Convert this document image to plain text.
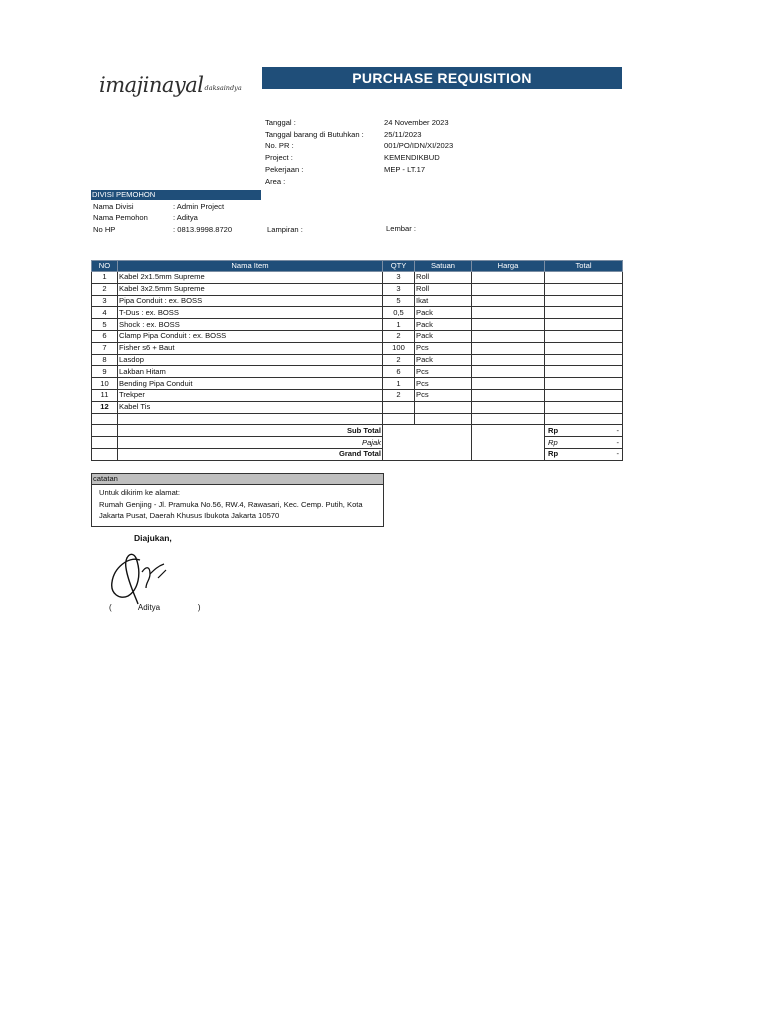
imajinayal daksaindya
PURCHASE REQUISITION
Tanggal :	24 November 2023
Tanggal barang di Butuhkan :	25/11/2023
No. PR :	001/PO/IDN/XI/2023
Project :	KEMENDIKBUD
Pekerjaan :	MEP - LT.17
Area :
DIVISI PEMOHON
Nama Divisi	: Admin Project
Nama Pemohon	: Aditya
No HP	: 0813.9998.8720	Lampiran :	Lembar :
NO	Nama Item	QTY	Satuan	Harga	Total
1	Kabel 2x1.5mm Supreme	3	Roll		
2	Kabel 3x2.5mm Supreme	3	Roll		
3	Pipa Conduit : ex. BOSS	5	Ikat		
4	T-Dus : ex. BOSS	0,5	Pack		
5	Shock : ex. BOSS	1	Pack		
6	Clamp Pipa Conduit : ex. BOSS	2	Pack		
7	Fisher s6 + Baut	100	Pcs		
8	Lasdop	2	Pack		
9	Lakban Hitam	6	Pcs		
10	Bending Pipa Conduit	1	Pcs		
11	Trekper	2	Pcs		
12	Kabel Tis				

	Sub Total				Rp -

	Pajak				Rp -

	Grand Total				Rp -
catatan
Untuk dikirim ke alamat:
Rumah Genjing - Jl. Pramuka No.56, RW.4, Rawasari, Kec. Cemp. Putih, Kota
Jakarta Pusat, Daerah Khusus Ibukota Jakarta 10570
Diajukan,
(            Aditya                 )
